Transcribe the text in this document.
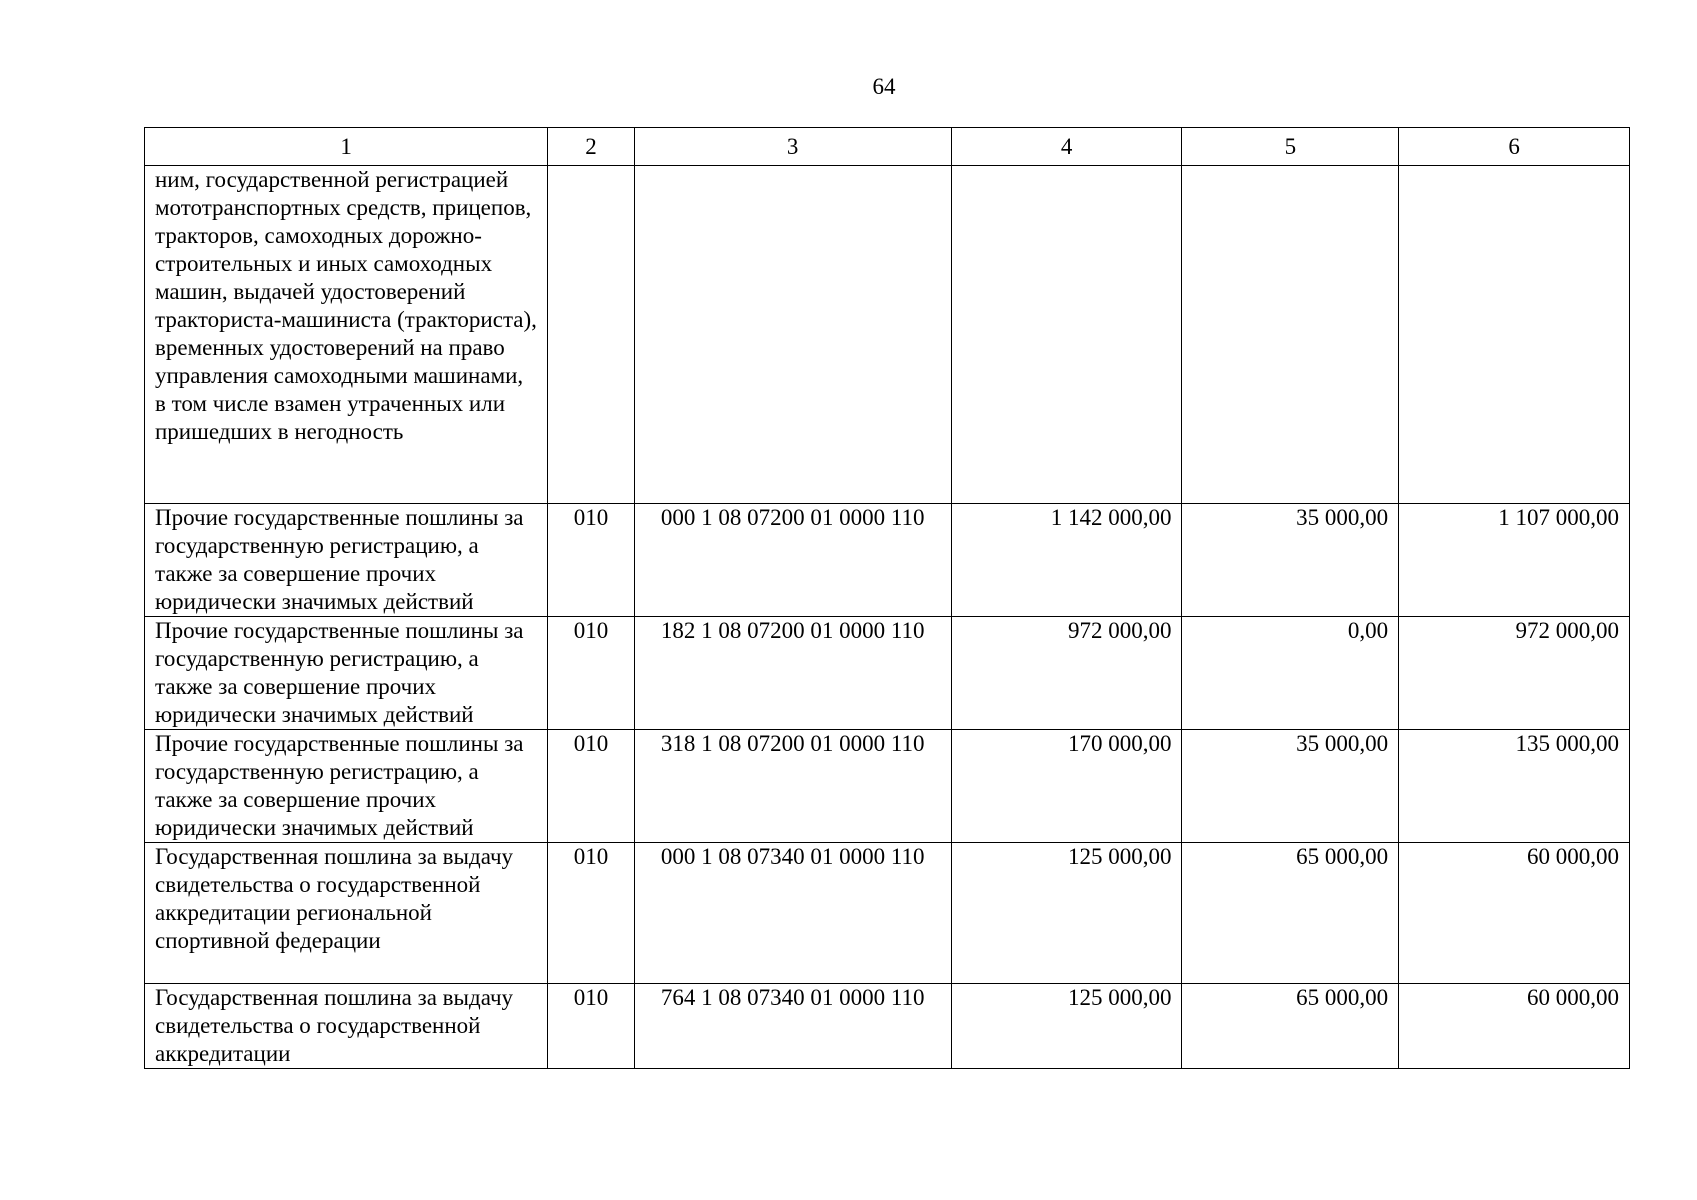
64
1	2	3	4	5	6
ним, государственной регистрацией мототранспортных средств, прицепов, тракторов, самоходных дорожно-строительных и иных самоходных машин, выдачей удостоверений тракториста-машиниста (тракториста), временных удостоверений на право управления самоходными машинами, в том числе взамен утраченных или пришедших в негодность					
Прочие государственные пошлины за государственную регистрацию, а также за совершение прочих юридически значимых действий	010	000 1 08 07200 01 0000 110	1 142 000,00	35 000,00	1 107 000,00
Прочие государственные пошлины за государственную регистрацию, а также за совершение прочих юридически значимых действий	010	182 1 08 07200 01 0000 110	972 000,00	0,00	972 000,00
Прочие государственные пошлины за государственную регистрацию, а также за совершение прочих юридически значимых действий	010	318 1 08 07200 01 0000 110	170 000,00	35 000,00	135 000,00
Государственная пошлина за выдачу свидетельства о государственной аккредитации региональной спортивной федерации	010	000 1 08 07340 01 0000 110	125 000,00	65 000,00	60 000,00
Государственная пошлина за выдачу свидетельства о государственной аккредитации	010	764 1 08 07340 01 0000 110	125 000,00	65 000,00	60 000,00
